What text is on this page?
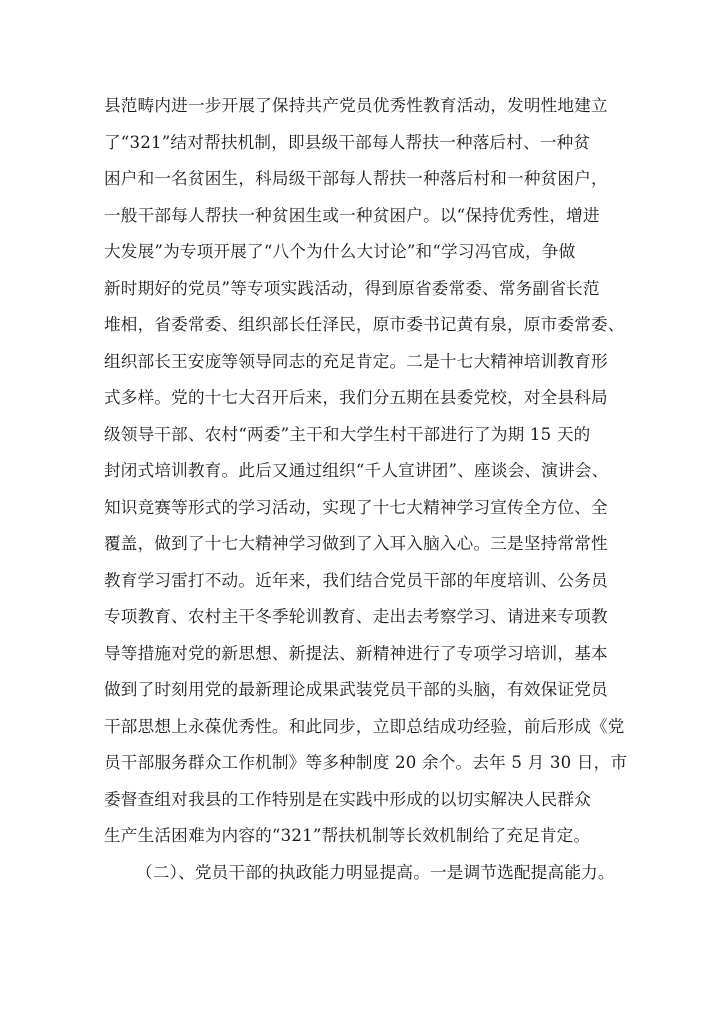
县范畴内进一步开展了保持共产党员优秀性教育活动，发明性地建立
了“321”结对帮扶机制，即县级干部每人帮扶一种落后村、一种贫
困户和一名贫困生，科局级干部每人帮扶一种落后村和一种贫困户，
一般干部每人帮扶一种贫困生或一种贫困户。以“保持优秀性，增进
大发展”为专项开展了“八个为什么大讨论”和“学习冯官成，争做
新时期好的党员”等专项实践活动，得到原省委常委、常务副省长范
堆相，省委常委、组织部长任泽民，原市委书记黄有泉，原市委常委、
组织部长王安庞等领导同志的充足肯定。二是十七大精神培训教育形
式多样。党的十七大召开后来，我们分五期在县委党校，对全县科局
级领导干部、农村“两委”主干和大学生村干部进行了为期 15 天的
封闭式培训教育。此后又通过组织“千人宣讲团”、座谈会、演讲会、
知识竞赛等形式的学习活动，实现了十七大精神学习宣传全方位、全
覆盖，做到了十七大精神学习做到了入耳入脑入心。三是坚持常常性
教育学习雷打不动。近年来，我们结合党员干部的年度培训、公务员
专项教育、农村主干冬季轮训教育、走出去考察学习、请进来专项教
导等措施对党的新思想、新提法、新精神进行了专项学习培训，基本
做到了时刻用党的最新理论成果武装党员干部的头脑，有效保证党员
干部思想上永葆优秀性。和此同步，立即总结成功经验，前后形成《党
员干部服务群众工作机制》等多种制度 20 余个。去年 5 月 30 日，市
委督查组对我县的工作特别是在实践中形成的以切实解决人民群众
生产生活困难为内容的“321”帮扶机制等长效机制给了充足肯定。
（二）、党员干部的执政能力明显提高。一是调节选配提高能力。
